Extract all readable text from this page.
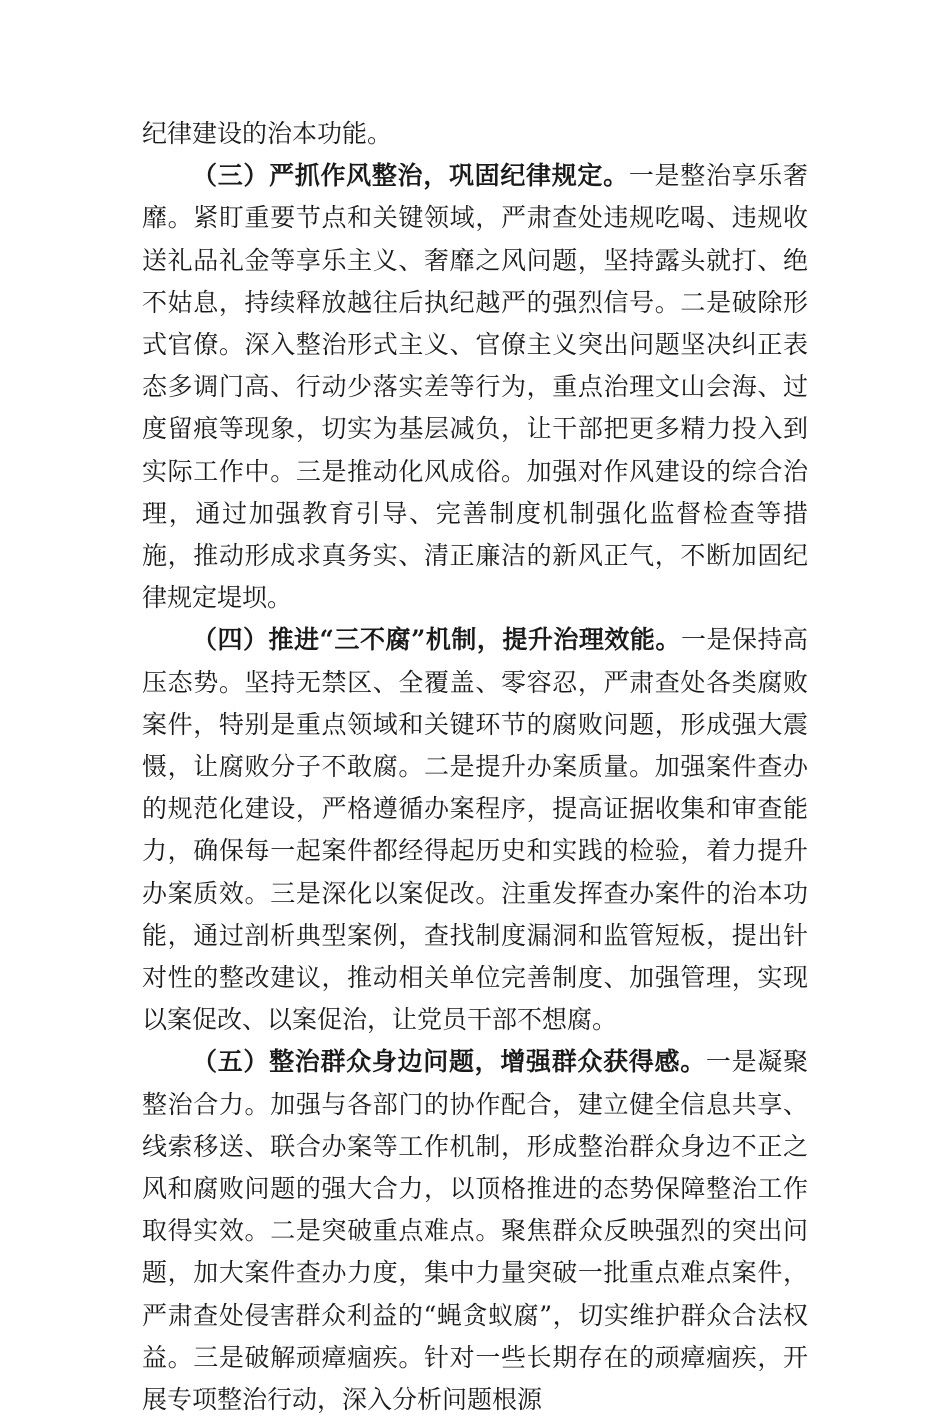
纪律建设的治本功能。

（三）严抓作风整治，巩固纪律规定。一是整治享乐奢靡。紧盯重要节点和关键领域，严肃查处违规吃喝、违规收送礼品礼金等享乐主义、奢靡之风问题，坚持露头就打、绝不姑息，持续释放越往后执纪越严的强烈信号。二是破除形式官僚。深入整治形式主义、官僚主义突出问题坚决纠正表态多调门高、行动少落实差等行为，重点治理文山会海、过度留痕等现象，切实为基层减负，让干部把更多精力投入到实际工作中。三是推动化风成俗。加强对作风建设的综合治理，通过加强教育引导、完善制度机制强化监督检查等措施，推动形成求真务实、清正廉洁的新风正气，不断加固纪律规定堤坝。

（四）推进“三不腐”机制，提升治理效能。一是保持高压态势。坚持无禁区、全覆盖、零容忍，严肃查处各类腐败案件，特别是重点领域和关键环节的腐败问题，形成强大震慑，让腐败分子不敢腐。二是提升办案质量。加强案件查办的规范化建设，严格遵循办案程序，提高证据收集和审查能力，确保每一起案件都经得起历史和实践的检验，着力提升办案质效。三是深化以案促改。注重发挥查办案件的治本功能，通过剖析典型案例，查找制度漏洞和监管短板，提出针对性的整改建议，推动相关单位完善制度、加强管理，实现以案促改、以案促治，让党员干部不想腐。

（五）整治群众身边问题，增强群众获得感。一是凝聚整治合力。加强与各部门的协作配合，建立健全信息共享、线索移送、联合办案等工作机制，形成整治群众身边不正之风和腐败问题的强大合力，以顶格推进的态势保障整治工作取得实效。二是突破重点难点。聚焦群众反映强烈的突出问题，加大案件查办力度，集中力量突破一批重点难点案件，严肃查处侵害群众利益的“蝇贪蚁腐”，切实维护群众合法权益。三是破解顽瘴痼疾。针对一些长期存在的顽瘴痼疾，开展专项整治行动，深入分析问题根源
